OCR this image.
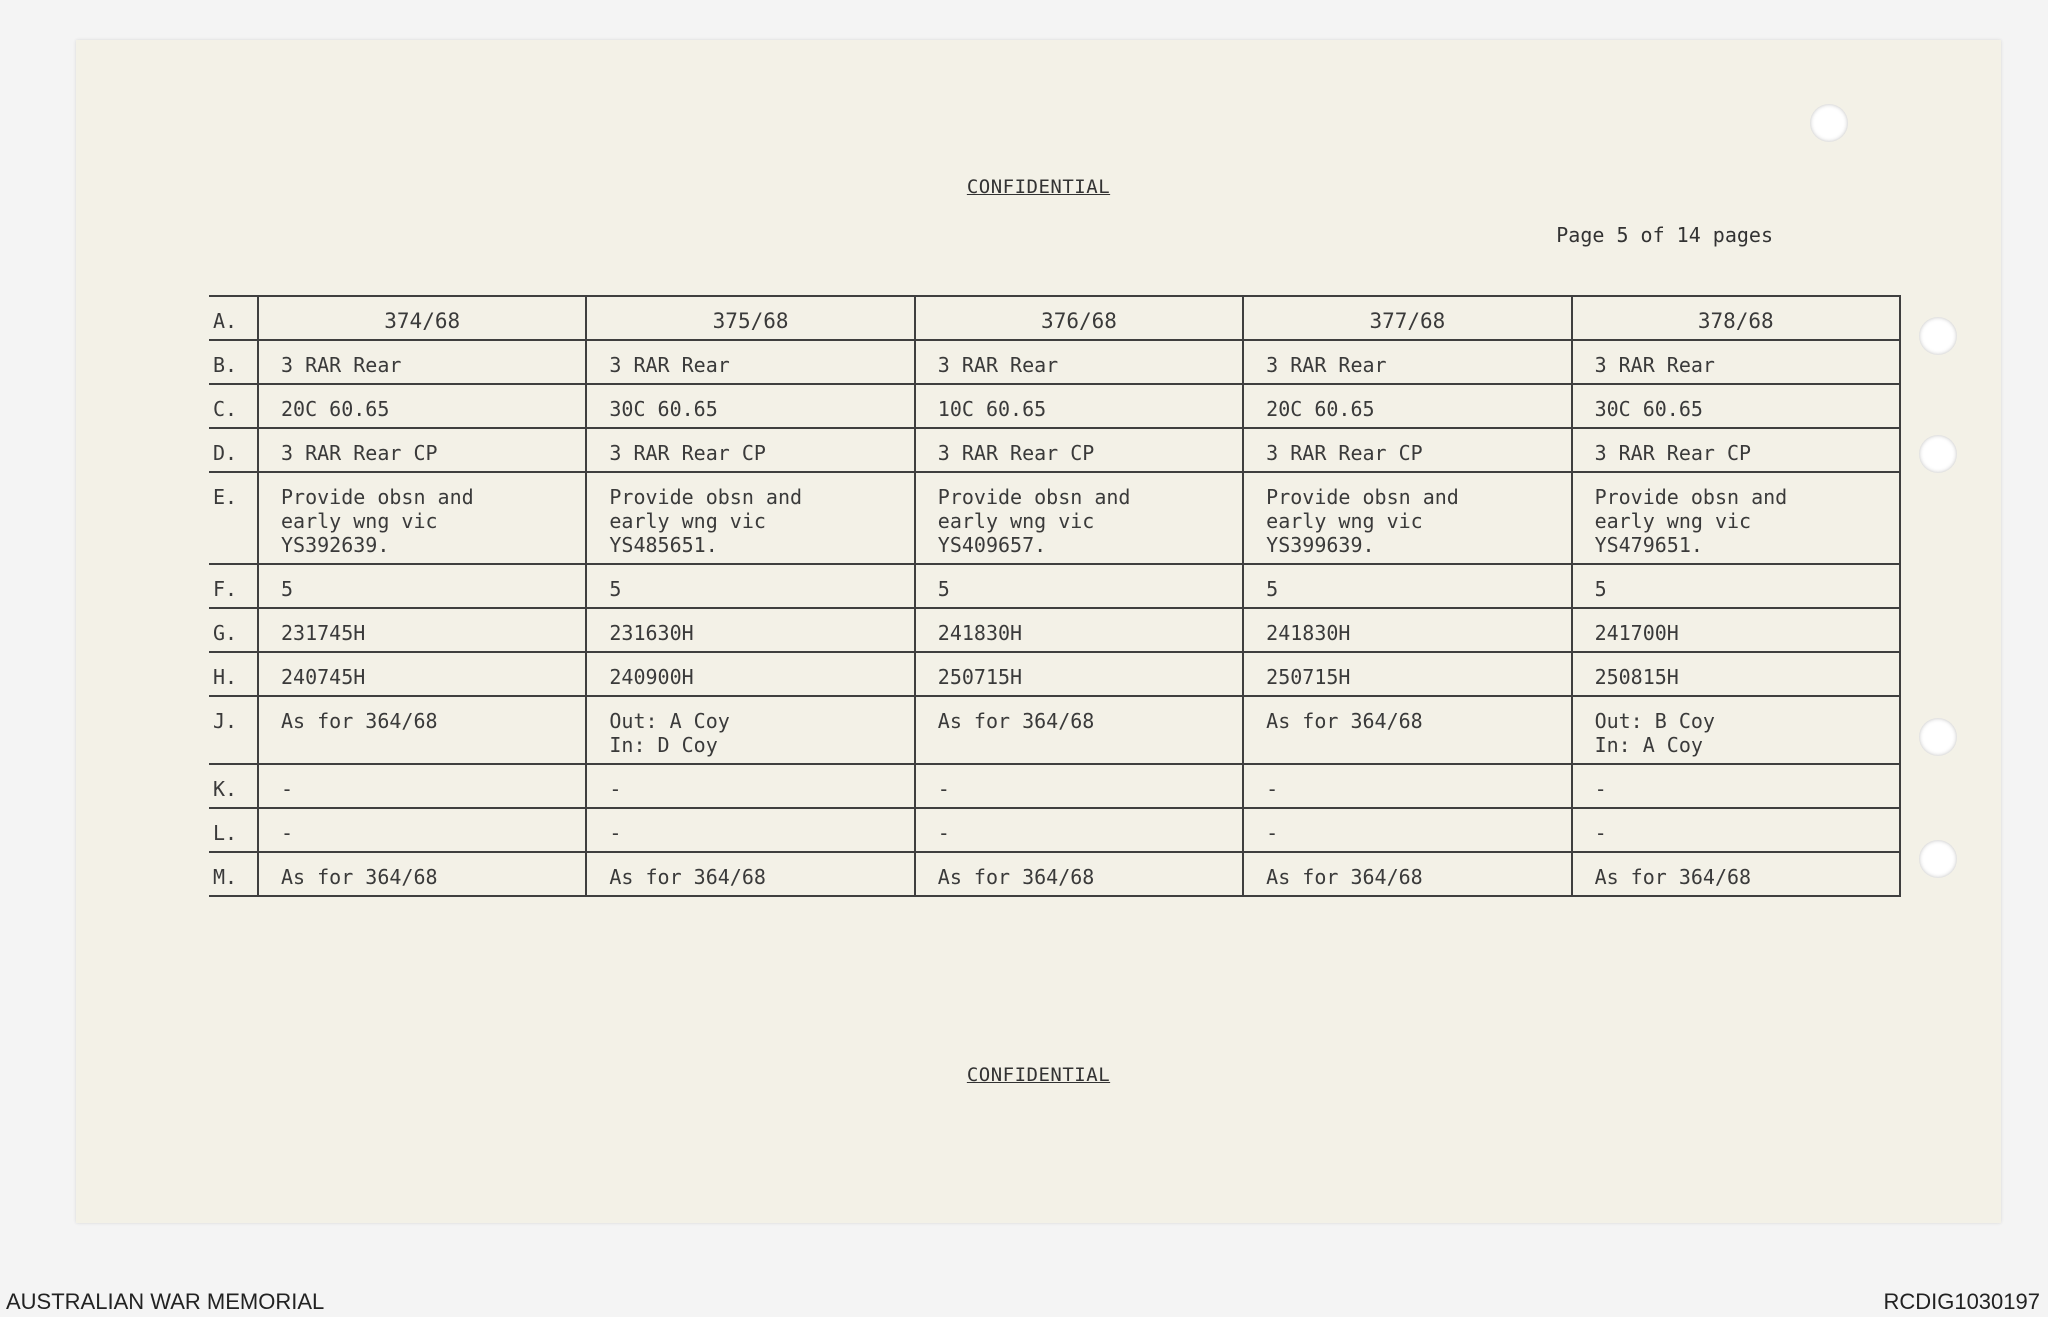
CONFIDENTIAL
Page 5 of 14 pages
A.	374/68	375/68	376/68	377/68	378/68
B.	3 RAR Rear	3 RAR Rear	3 RAR Rear	3 RAR Rear	3 RAR Rear
C.	20C 60.65	30C 60.65	10C 60.65	20C 60.65	30C 60.65
D.	3 RAR Rear CP	3 RAR Rear CP	3 RAR Rear CP	3 RAR Rear CP	3 RAR Rear CP
E.	Provide obsn and
early wng vic
YS392639.	Provide obsn and
early wng vic
YS485651.	Provide obsn and
early wng vic
YS409657.	Provide obsn and
early wng vic
YS399639.	Provide obsn and
early wng vic
YS479651.
F.	5	5	5	5	5
G.	231745H	231630H	241830H	241830H	241700H
H.	240745H	240900H	250715H	250715H	250815H
J.	As for 364/68	Out: A Coy
In: D Coy	As for 364/68	As for 364/68	Out: B Coy
In: A Coy
K.	-	-	-	-	-
L.	-	-	-	-	-
M.	As for 364/68	As for 364/68	As for 364/68	As for 364/68	As for 364/68
CONFIDENTIAL
AUSTRALIAN WAR MEMORIAL	RCDIG1030197
